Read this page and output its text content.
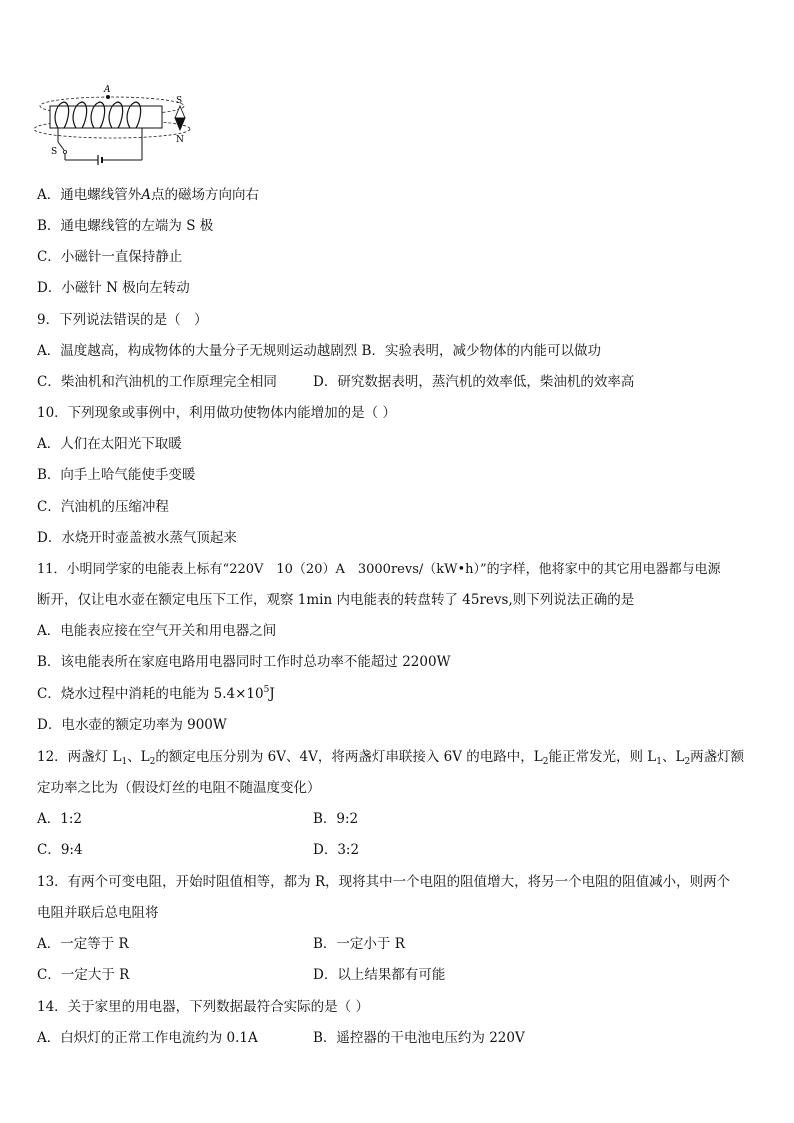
A
S
S
N
A．通电螺线管外A点的磁场方向向右
B．通电螺线管的左端为 S 极
C．小磁针一直保持静止
D．小磁针 N 极向左转动
9．下列说法错误的是（　）
A．温度越高，构成物体的大量分子无规则运动越剧烈 B．实验表明，减少物体的内能可以做功
C．柴油机和汽油机的工作原理完全相同	D．研究数据表明，蒸汽机的效率低，柴油机的效率高
10．下列现象或事例中，利用做功使物体内能增加的是（ ）
A．人们在太阳光下取暖
B．向手上哈气能使手变暖
C．汽油机的压缩冲程
D．水烧开时壶盖被水蒸气顶起来
11．小明同学家的电能表上标有“220V　10（20）A　3000revs/（kW•h）”的字样，他将家中的其它用电器都与电源
断开，仅让电水壶在额定电压下工作，观察 1min 内电能表的转盘转了 45revs,则下列说法正确的是
A．电能表应接在空气开关和用电器之间
B．该电能表所在家庭电路用电器同时工作时总功率不能超过 2200W
C．烧水过程中消耗的电能为 $5.4\times 10^5J$
D．电水壶的额定功率为 900W
12．两盏灯 $L_1$、$L_2$的额定电压分别为 6V、4V，将两盏灯串联接入 6V 的电路中，$L_2$能正常发光，则 $L_1$、$L_2$两盏灯额
定功率之比为（假设灯丝的电阻不随温度变化）
A．1:2	B．9:2
C．9:4	D．3:2
13．有两个可变电阻，开始时阻值相等，都为 R，现将其中一个电阻的阻值增大，将另一个电阻的阻值减小，则两个
电阻并联后总电阻将
A．一定等于 R	B．一定小于 R
C．一定大于 R	D．以上结果都有可能
14．关于家里的用电器，下列数据最符合实际的是（ ）
A．白炽灯的正常工作电流约为 0.1A	B．遥控器的干电池电压约为 220V
